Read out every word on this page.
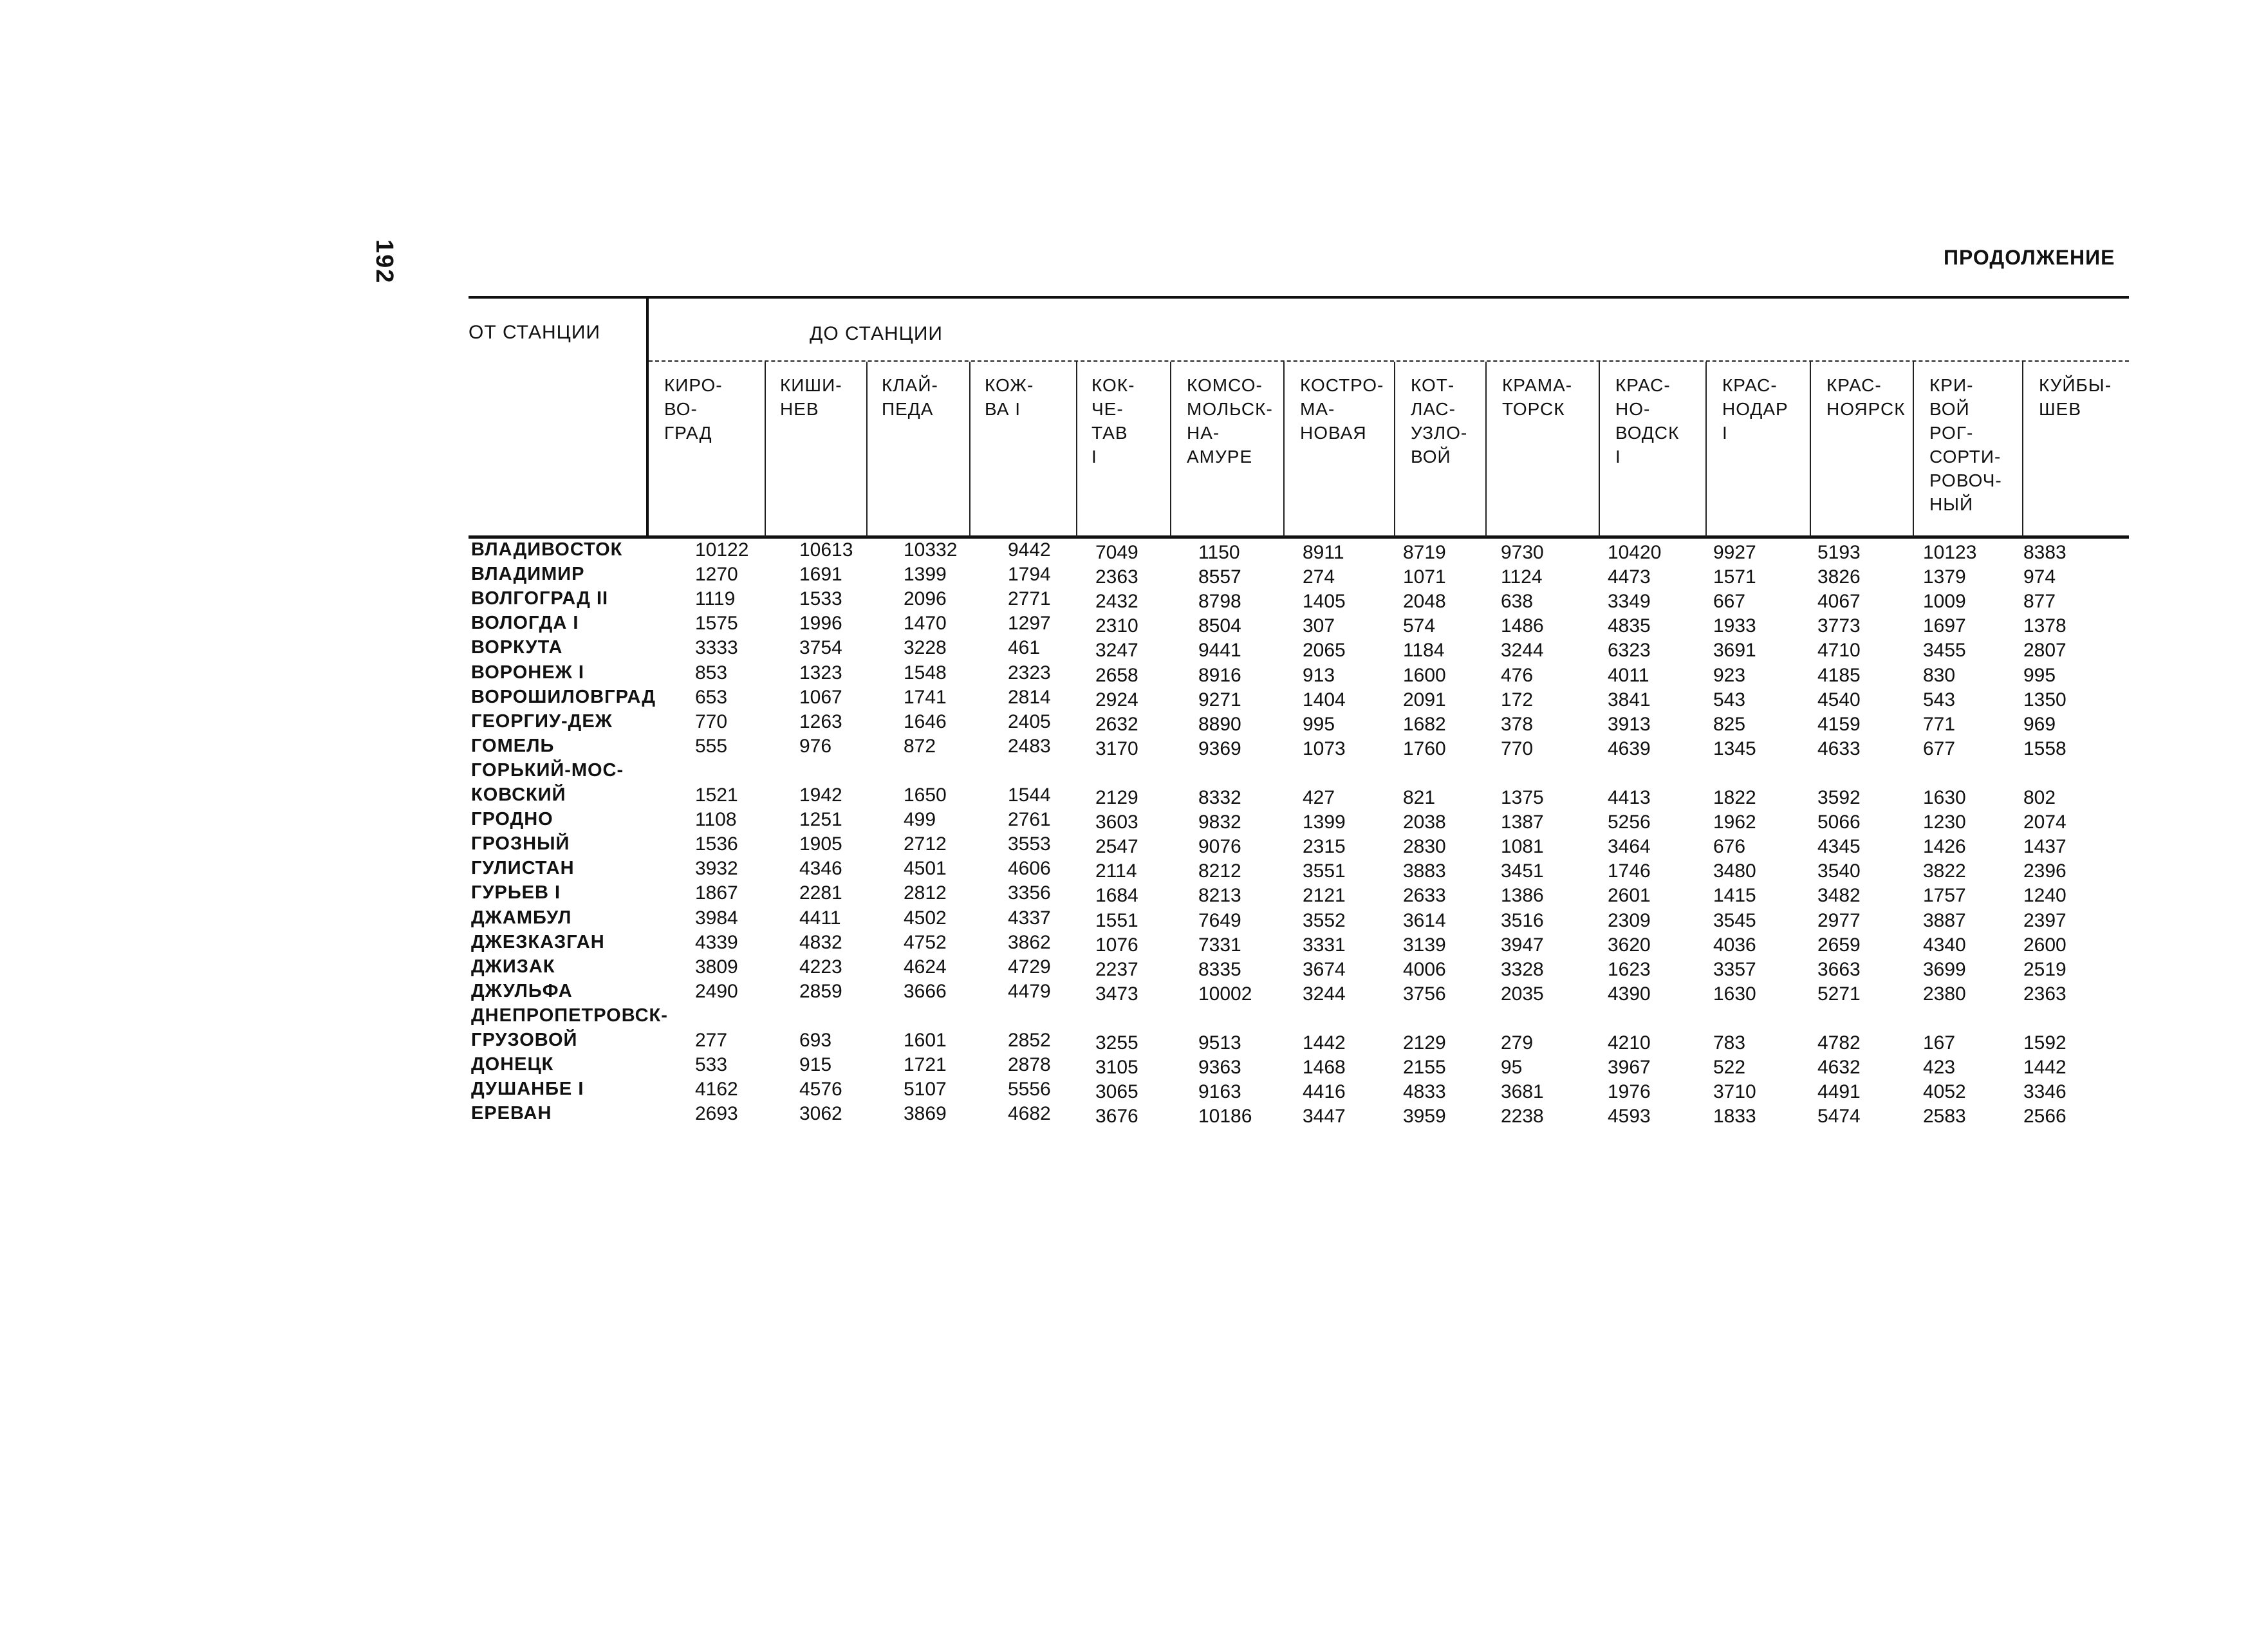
192	ПРОДОЛЖЕНИЕ
ОТ СТАНЦИИ	ДО СТАНЦИИ
КИРО-
ВО-
ГРАД
КИШИ-
НЕВ
КЛАЙ-
ПЕДА
КОЖ-
ВА I
КОК-
ЧЕ-
ТАВ
I
КОМСО-
МОЛЬСК-
НА-
АМУРЕ
КОСТРО-
МА-
НОВАЯ
КОТ-
ЛАС-
УЗЛО-
ВОЙ
КРАМА-
ТОРСК
КРАС-
НО-
ВОДСК
I
КРАС-
НОДАР
I
КРАС-
НОЯРСК
КРИ-
ВОЙ
РОГ-
СОРТИ-
РОВОЧ-
НЫЙ
КУЙБЫ-
ШЕВ
ВЛАДИВОСТОК	10122	10613	10332	9442 7049	1150	8911	8719	9730	10420	9927	5193	10123 8383
ВЛАДИМИР	1270	1691	1399	1794 2363	8557	274	1071	1124	4473	1571	3826	1379	974
ВОЛГОГРАД II	1119	1533	2096	2771 2432	8798	1405	2048	638	3349	667	4067	1009	877
ВОЛОГДА I	1575	1996	1470	1297 2310	8504	307	574	1486	4835	1933	3773	1697	1378
ВОРКУТА	3333	3754	3228	461	3247	9441	2065	1184	3244	6323	3691	4710	3455	2807
ВОРОНЕЖ I	853	1323	1548	2323 2658	8916	913	1600	476	4011	923	4185	830	995
ВОРОШИЛОВГРАД 653	1067	1741	2814 2924	9271	1404	2091	172	3841	543	4540	543	1350
ГЕОРГИУ-ДЕЖ	770	1263	1646	2405 2632	8890	995	1682	378	3913	825	4159	771	969
ГОМЕЛЬ	555	976	872	2483 3170	9369	1073	1760	770	4639	1345	4633	677	1558
ГОРЬКИЙ-МОС-
КОВСКИЙ	1521	1942	1650	1544 2129	8332	427	821	1375	4413	1822	3592	1630	802
ГРОДНО	1108	1251	499	2761 3603	9832	1399	2038	1387	5256	1962	5066	1230	2074
ГРОЗНЫЙ	1536	1905	2712	3553 2547	9076	2315	2830	1081	3464	676	4345	1426	1437
ГУЛИСТАН	3932	4346	4501	4606 2114	8212	3551	3883	3451	1746	3480	3540	3822	2396
ГУРЬЕВ I	1867	2281	2812	3356 1684	8213	2121	2633	1386	2601	1415	3482	1757	1240
ДЖАМБУЛ	3984	4411	4502	4337 1551	7649	3552	3614	3516	2309	3545	2977	3887	2397
ДЖЕЗКАЗГАН	4339	4832	4752	3862 1076	7331	3331	3139	3947	3620	4036	2659	4340	2600
ДЖИЗАК	3809	4223	4624	4729 2237	8335	3674	4006	3328	1623	3357	3663	3699	2519
ДЖУЛЬФА	2490	2859	3666	4479 3473	10002	3244	3756	2035	4390	1630	5271	2380	2363
ДНЕПРОПЕТРОВСК-
ГРУЗОВОЙ	277	693	1601	2852 3255	9513	1442	2129	279	4210	783	4782	167	1592
ДОНЕЦК	533	915	1721	2878 3105	9363	1468	2155	95	3967	522	4632	423	1442
ДУШАНБЕ I	4162	4576	5107	5556 3065	9163	4416	4833	3681	1976	3710	4491	4052	3346
ЕРЕВАН	2693	3062	3869	4682 3676	10186	3447	3959	2238	4593	1833	5474	2583	2566
